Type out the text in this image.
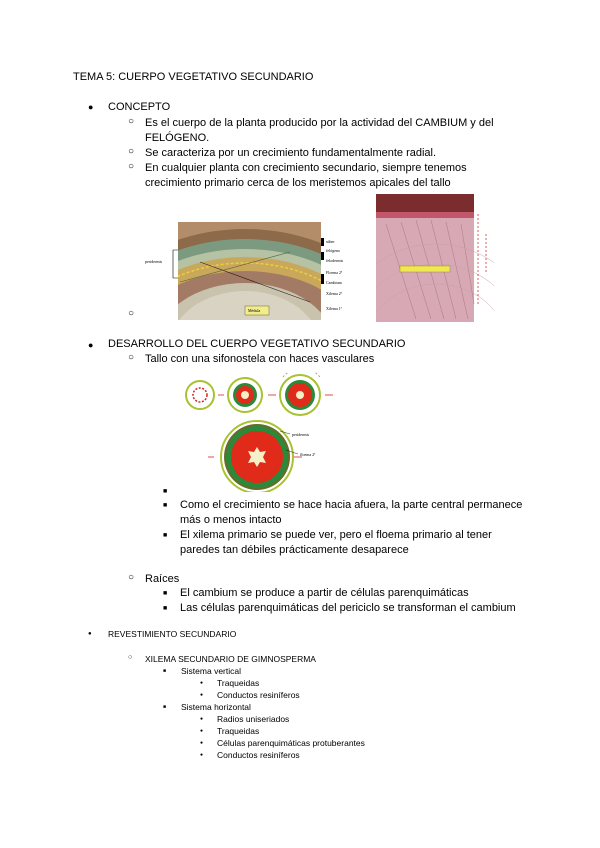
TEMA 5: CUERPO VEGETATIVO SECUNDARIO
● CONCEPTO
○ Es el cuerpo de la planta producido por la actividad del CAMBIUM y del
FELÓGENO.
○ Se caracteriza por un crecimiento fundamentalmente radial.
○ En cualquier planta con crecimiento secundario, siempre tenemos
crecimiento primario cerca de los meristemos apicales del tallo
○
peridermis
súber
felógeno
felodermis
Floema 2ª
Cambium
Xilema 2ª
Xilema 1ª
Médula
● DESARROLLO DEL CUERPO VEGETATIVO SECUNDARIO
○ Tallo con una sifonostela con haces vasculares
peridermis
floema 2ª
■
■ Como el crecimiento se hace hacia afuera, la parte central permanece
más o menos intacto
■ El xilema primario se puede ver, pero el floema primario al tener
paredes tan débiles prácticamente desaparece
○ Raíces
■ El cambium se produce a partir de células parenquimáticas
■ Las células parenquimáticas del periciclo se transforman el cambium
● REVESTIMIENTO SECUNDARIO
○ XILEMA SECUNDARIO DE GIMNOSPERMA
■ Sistema vertical
● Traqueidas
● Conductos resiníferos
■ Sistema horizontal
● Radios uniseriados
● Traqueidas
● Células parenquimáticas protuberantes
● Conductos resiníferos
